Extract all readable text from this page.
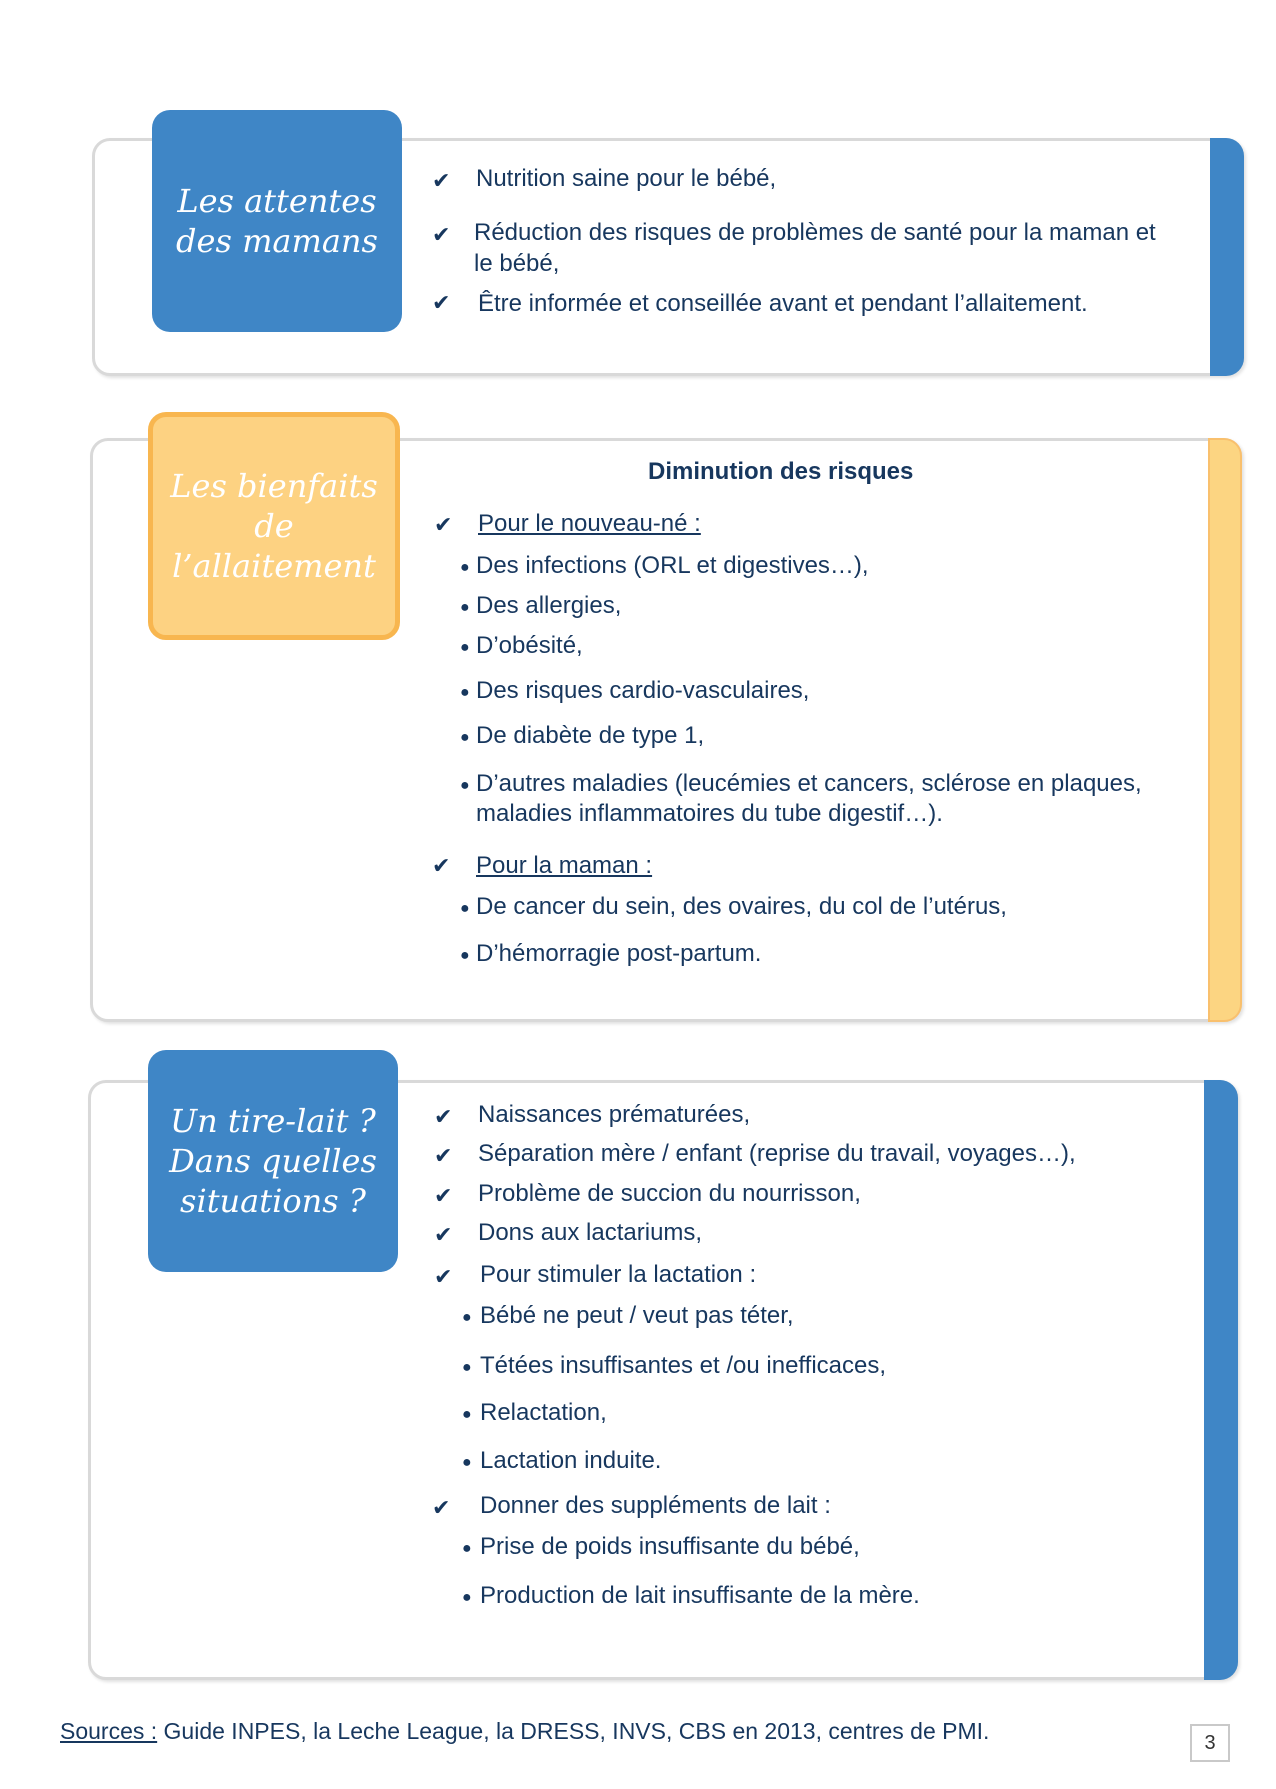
Les attentes
des mamans
✔ Nutrition saine pour le bébé,
✔ Réduction des risques de problèmes de santé pour la maman et
le bébé,
✔ Être informée et conseillée avant et pendant l’allaitement.
Les bienfaits
de
l’allaitement
Diminution des risques
✔ Pour le nouveau-né :
● Des infections (ORL et digestives…),
● Des allergies,
● D’obésité,
● Des risques cardio-vasculaires,
● De diabète de type 1,
● D’autres maladies (leucémies et cancers, sclérose en plaques,
maladies inflammatoires du tube digestif…).
✔ Pour la maman :
● De cancer du sein, des ovaires, du col de l’utérus,
● D’hémorragie post-partum.
Un tire-lait ?
Dans quelles
situations ?
✔ Naissances prématurées,
✔ Séparation mère / enfant (reprise du travail, voyages…),
✔ Problème de succion du nourrisson,
✔ Dons aux lactariums,
✔ Pour stimuler la lactation :
● Bébé ne peut / veut pas téter,
● Tétées insuffisantes et /ou inefficaces,
● Relactation,
● Lactation induite.
✔ Donner des suppléments de lait :
● Prise de poids insuffisante du bébé,
● Production de lait insuffisante de la mère.
Sources : Guide INPES, la Leche League, la DRESS, INVS, CBS en 2013, centres de PMI.	3
